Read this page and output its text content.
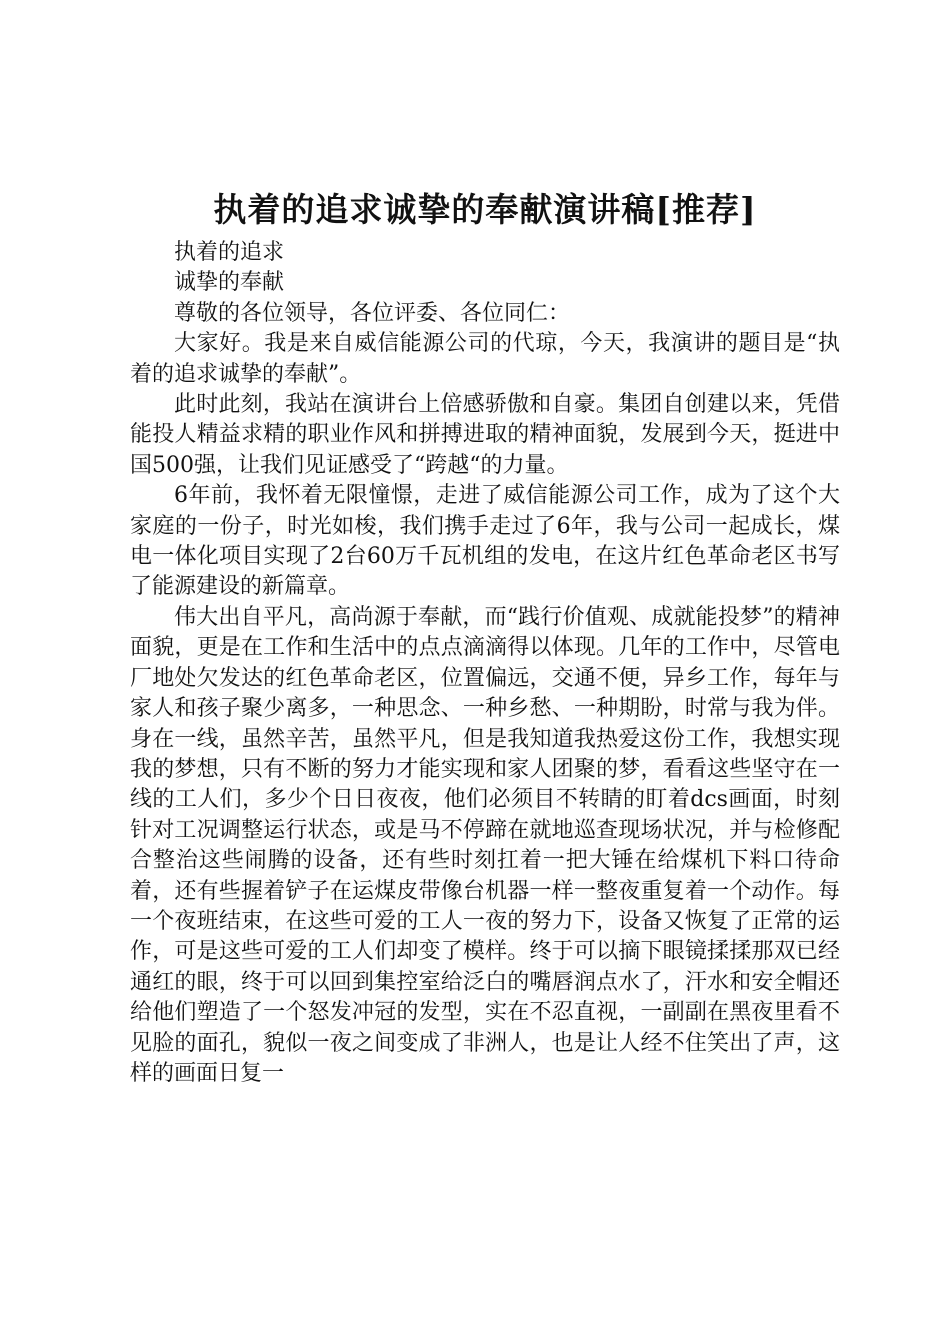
执着的追求诚挚的奉献演讲稿[推荐]

执着的追求

诚挚的奉献

尊敬的各位领导，各位评委、各位同仁：

大家好。我是来自威信能源公司的代琼，今天，我演讲的题目是“执着的追求诚挚的奉献”。

此时此刻，我站在演讲台上倍感骄傲和自豪。集团自创建以来，凭借能投人精益求精的职业作风和拼搏进取的精神面貌，发展到今天，挺进中国500强，让我们见证感受了“跨越“的力量。

6年前，我怀着无限憧憬，走进了威信能源公司工作，成为了这个大家庭的一份子，时光如梭，我们携手走过了6年，我与公司一起成长，煤电一体化项目实现了2台60万千瓦机组的发电，在这片红色革命老区书写了能源建设的新篇章。

伟大出自平凡，高尚源于奉献，而“践行价值观、成就能投梦”的精神面貌，更是在工作和生活中的点点滴滴得以体现。几年的工作中，尽管电厂地处欠发达的红色革命老区，位置偏远，交通不便，异乡工作，每年与家人和孩子聚少离多，一种思念、一种乡愁、一种期盼，时常与我为伴。身在一线，虽然辛苦，虽然平凡，但是我知道我热爱这份工作，我想实现我的梦想，只有不断的努力才能实现和家人团聚的梦，看看这些坚守在一线的工人们，多少个日日夜夜，他们必须目不转睛的盯着dcs画面，时刻针对工况调整运行状态，或是马不停蹄在就地巡查现场状况，并与检修配合整治这些闹腾的设备，还有些时刻扛着一把大锤在给煤机下料口待命着，还有些握着铲子在运煤皮带像台机器一样一整夜重复着一个动作。每一个夜班结束，在这些可爱的工人一夜的努力下，设备又恢复了正常的运作，可是这些可爱的工人们却变了模样。终于可以摘下眼镜揉揉那双已经通红的眼，终于可以回到集控室给泛白的嘴唇润点水了，汗水和安全帽还给他们塑造了一个怒发冲冠的发型，实在不忍直视，一副副在黑夜里看不见脸的面孔，貌似一夜之间变成了非洲人，也是让人经不住笑出了声，这样的画面日复一
